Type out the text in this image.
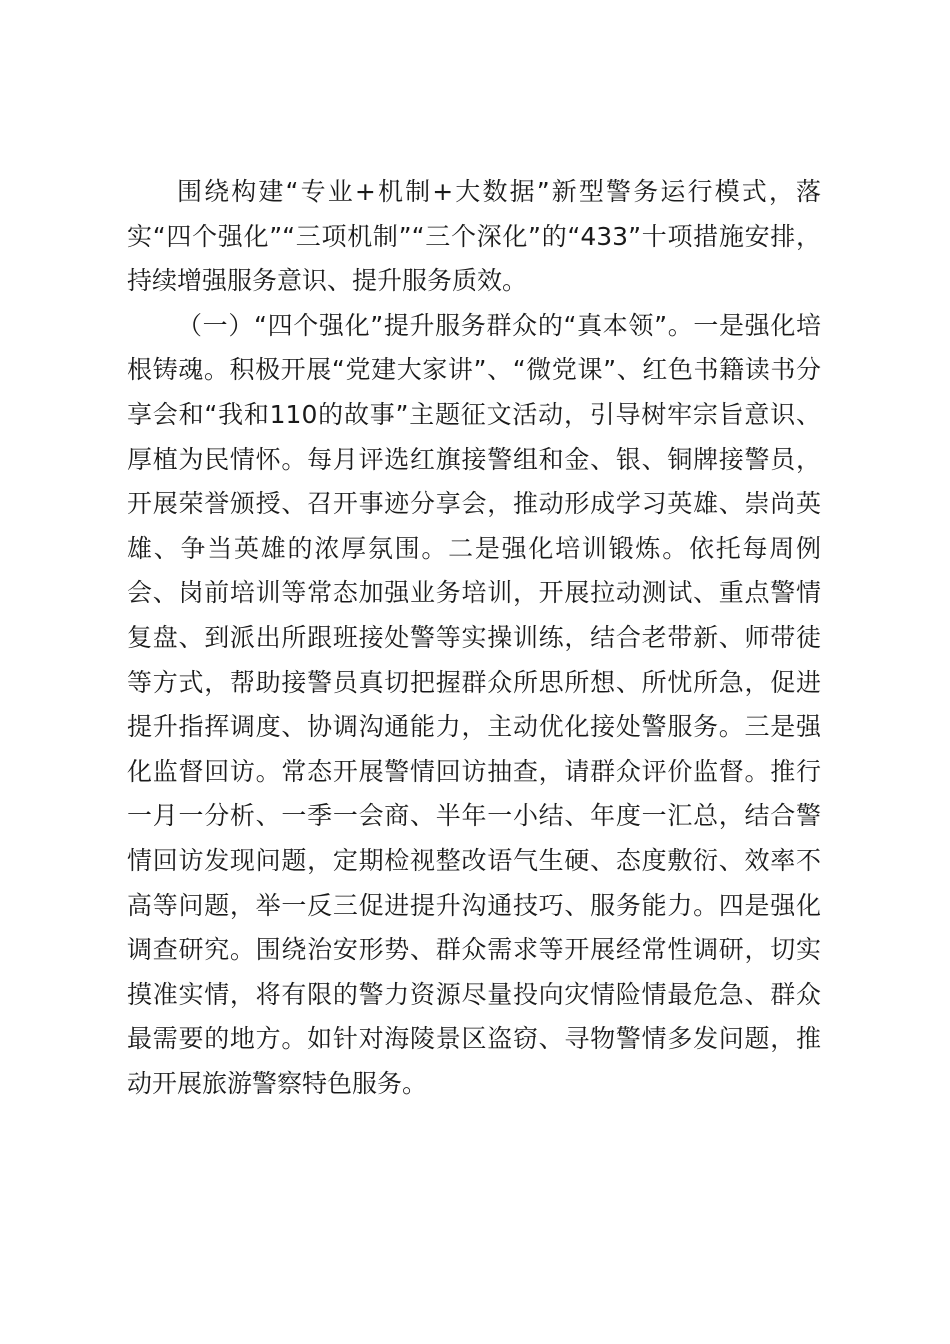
围绕构建“专业+机制+大数据”新型警务运行模式，落实“四个强化”“三项机制”“三个深化”的“433”十项措施安排，持续增强服务意识、提升服务质效。

（一）“四个强化”提升服务群众的“真本领”。一是强化培根铸魂。积极开展“党建大家讲”、“微党课”、红色书籍读书分享会和“我和110的故事”主题征文活动，引导树牢宗旨意识、厚植为民情怀。每月评选红旗接警组和金、银、铜牌接警员，开展荣誉颁授、召开事迹分享会，推动形成学习英雄、崇尚英雄、争当英雄的浓厚氛围。二是强化培训锻炼。依托每周例会、岗前培训等常态加强业务培训，开展拉动测试、重点警情复盘、到派出所跟班接处警等实操训练，结合老带新、师带徒等方式，帮助接警员真切把握群众所思所想、所忧所急，促进提升指挥调度、协调沟通能力，主动优化接处警服务。三是强化监督回访。常态开展警情回访抽查，请群众评价监督。推行一月一分析、一季一会商、半年一小结、年度一汇总，结合警情回访发现问题，定期检视整改语气生硬、态度敷衍、效率不高等问题，举一反三促进提升沟通技巧、服务能力。四是强化调查研究。围绕治安形势、群众需求等开展经常性调研，切实摸准实情，将有限的警力资源尽量投向灾情险情最危急、群众最需要的地方。如针对海陵景区盗窃、寻物警情多发问题，推动开展旅游警察特色服务。
